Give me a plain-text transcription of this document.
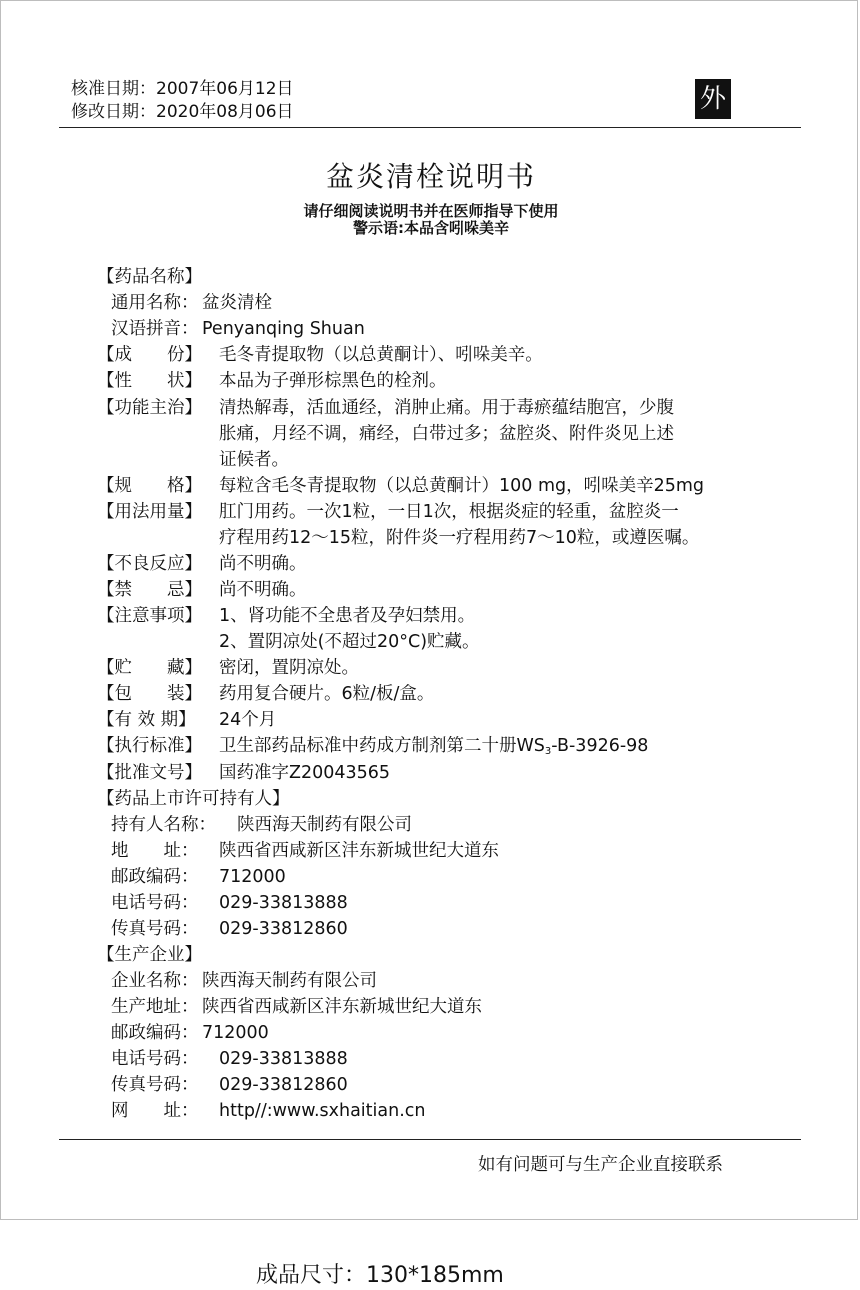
核准日期：2007年06月12日
修改日期：2020年08月06日	外
盆炎清栓说明书
请仔细阅读说明书并在医师指导下使用
警示语:本品含吲哚美辛
【药品名称】
通用名称： 盆炎清栓
汉语拼音： Penyanqing Shuan
【成　　份】 毛冬青提取物（以总黄酮计）、吲哚美辛。
【性　　状】 本品为子弹形棕黑色的栓剂。
【功能主治】 清热解毒，活血通经，消肿止痛。用于毒瘀蕴结胞宫，少腹
胀痛，月经不调，痛经，白带过多；盆腔炎、附件炎见上述
证候者。
【规　　格】 每粒含毛冬青提取物（以总黄酮计）100 mg，吲哚美辛25mg
【用法用量】 肛门用药。一次1粒，一日1次，根据炎症的轻重，盆腔炎一
疗程用药12～15粒，附件炎一疗程用药7～10粒，或遵医嘱。
【不良反应】 尚不明确。
【禁　　忌】 尚不明确。
【注意事项】 1、肾功能不全患者及孕妇禁用。
2、置阴凉处(不超过20°C)贮藏。
【贮　　藏】 密闭，置阴凉处。
【包　　装】 药用复合硬片。6粒/板/盒。
【有 效 期】 24个月
【执行标准】 卫生部药品标准中药成方制剂第二十册WS3-B-3926-98
【批准文号】 国药准字Z20043565
【药品上市许可持有人】
持有人名称： 陕西海天制药有限公司
地　　址： 陕西省西咸新区沣东新城世纪大道东
邮政编码： 712000
电话号码： 029-33813888
传真号码： 029-33812860
【生产企业】
企业名称： 陕西海天制药有限公司
生产地址： 陕西省西咸新区沣东新城世纪大道东
邮政编码： 712000
电话号码： 029-33813888
传真号码： 029-33812860
网　　址： http//:www.sxhaitian.cn
如有问题可与生产企业直接联系
成品尺寸：130*185mm
